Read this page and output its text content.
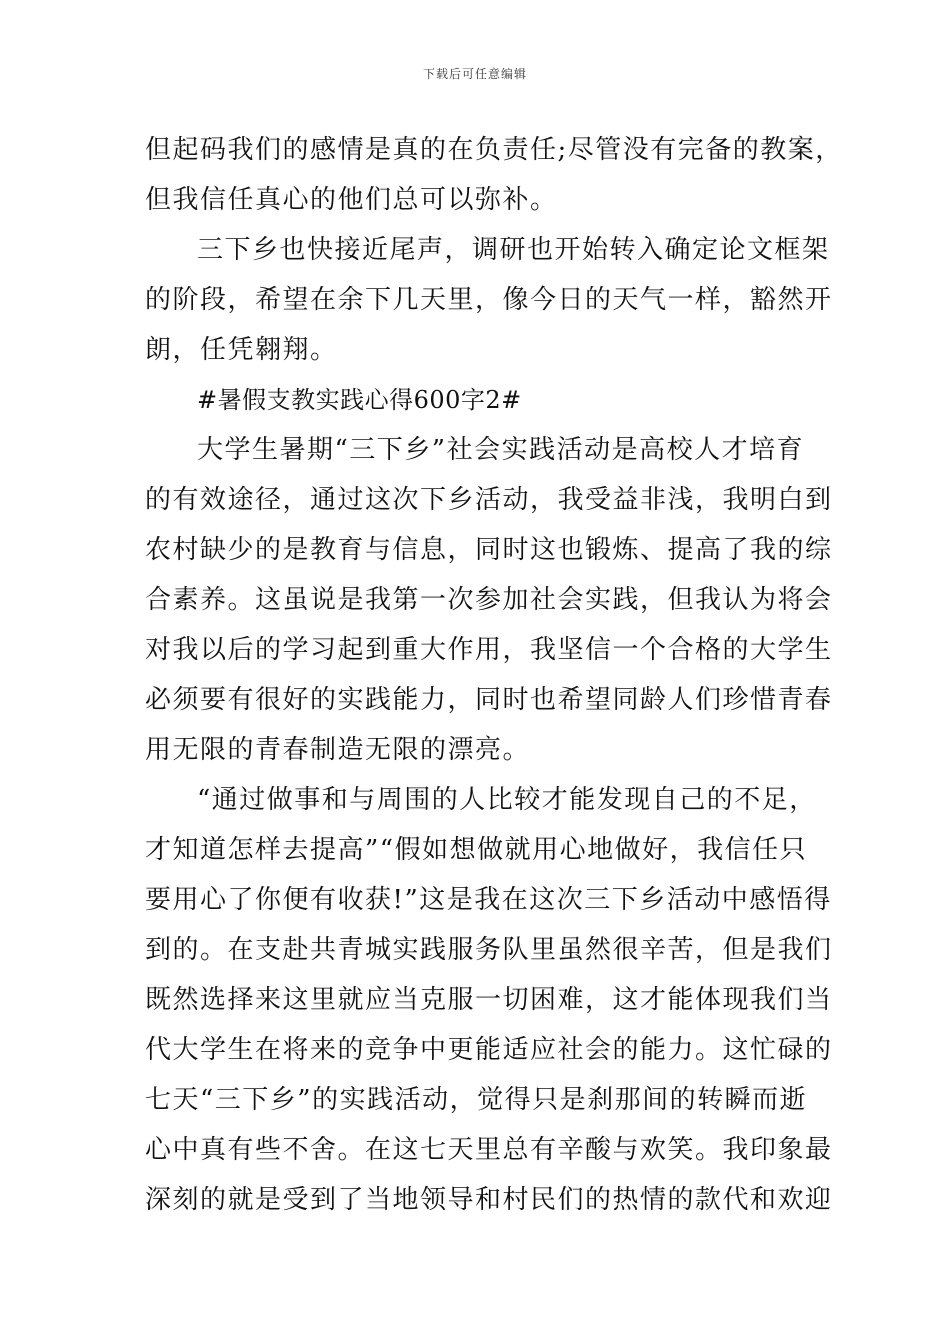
下载后可任意编辑
但起码我们的感情是真的在负责任;尽管没有完备的教案，
但我信任真心的他们总可以弥补。
三下乡也快接近尾声，调研也开始转入确定论文框架
的阶段，希望在余下几天里，像今日的天气一样，豁然开
朗，任凭翱翔。
#暑假支教实践心得600字2#
大学生暑期“三下乡”社会实践活动是高校人才培育
的有效途径，通过这次下乡活动，我受益非浅，我明白到
农村缺少的是教育与信息，同时这也锻炼、提高了我的综
合素养。这虽说是我第一次参加社会实践，但我认为将会
对我以后的学习起到重大作用，我坚信一个合格的大学生
必须要有很好的实践能力，同时也希望同龄人们珍惜青春
用无限的青春制造无限的漂亮。
“通过做事和与周围的人比较才能发现自己的不足，
才知道怎样去提高”“假如想做就用心地做好，我信任只
要用心了你便有收获!”这是我在这次三下乡活动中感悟得
到的。在支赴共青城实践服务队里虽然很辛苦，但是我们
既然选择来这里就应当克服一切困难，这才能体现我们当
代大学生在将来的竞争中更能适应社会的能力。这忙碌的
七天“三下乡”的实践活动，觉得只是刹那间的转瞬而逝
心中真有些不舍。在这七天里总有辛酸与欢笑。我印象最
深刻的就是受到了当地领导和村民们的热情的款代和欢迎
